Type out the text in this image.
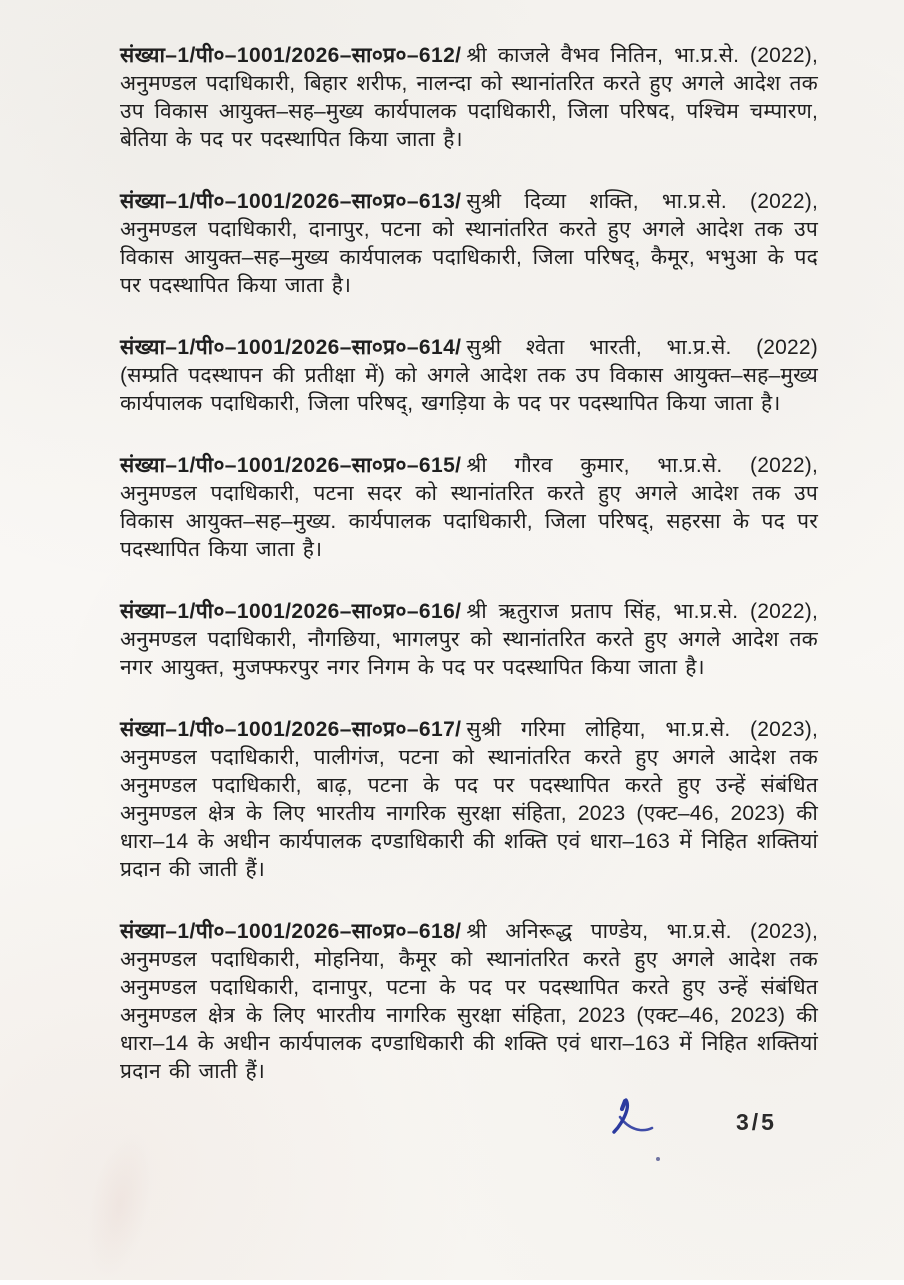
संख्या–1/पी०–1001/2026–सा०प्र०–612/ श्री काजले वैभव नितिन, भा.प्र.से. (2022), अनुमण्डल पदाधिकारी, बिहार शरीफ, नालन्दा को स्थानांतरित करते हुए अगले आदेश तक उप विकास आयुक्त–सह–मुख्य कार्यपालक पदाधिकारी, जिला परिषद, पश्चिम चम्पारण, बेतिया के पद पर पदस्थापित किया जाता है।

संख्या–1/पी०–1001/2026–सा०प्र०–613/ सुश्री दिव्या शक्ति, भा.प्र.से. (2022), अनुमण्डल पदाधिकारी, दानापुर, पटना को स्थानांतरित करते हुए अगले आदेश तक उप विकास आयुक्त–सह–मुख्य कार्यपालक पदाधिकारी, जिला परिषद्, कैमूर, भभुआ के पद पर पदस्थापित किया जाता है।

संख्या–1/पी०–1001/2026–सा०प्र०–614/ सुश्री श्वेता भारती, भा.प्र.से. (2022) (सम्प्रति पदस्थापन की प्रतीक्षा में) को अगले आदेश तक उप विकास आयुक्त–सह–मुख्य कार्यपालक पदाधिकारी, जिला परिषद्, खगड़िया के पद पर पदस्थापित किया जाता है।

संख्या–1/पी०–1001/2026–सा०प्र०–615/ श्री गौरव कुमार, भा.प्र.से. (2022), अनुमण्डल पदाधिकारी, पटना सदर को स्थानांतरित करते हुए अगले आदेश तक उप विकास आयुक्त–सह–मुख्य. कार्यपालक पदाधिकारी, जिला परिषद्, सहरसा के पद पर पदस्थापित किया जाता है।

संख्या–1/पी०–1001/2026–सा०प्र०–616/ श्री ऋतुराज प्रताप सिंह, भा.प्र.से. (2022), अनुमण्डल पदाधिकारी, नौगछिया, भागलपुर को स्थानांतरित करते हुए अगले आदेश तक नगर आयुक्त, मुजफ्फरपुर नगर निगम के पद पर पदस्थापित किया जाता है।

संख्या–1/पी०–1001/2026–सा०प्र०–617/ सुश्री गरिमा लोहिया, भा.प्र.से. (2023), अनुमण्डल पदाधिकारी, पालीगंज, पटना को स्थानांतरित करते हुए अगले आदेश तक अनुमण्डल पदाधिकारी, बाढ़, पटना के पद पर पदस्थापित करते हुए उन्हें संबंधित अनुमण्डल क्षेत्र के लिए भारतीय नागरिक सुरक्षा संहिता, 2023 (एक्ट–46, 2023) की धारा–14 के अधीन कार्यपालक दण्डाधिकारी की शक्ति एवं धारा–163 में निहित शक्तियां प्रदान की जाती हैं।

संख्या–1/पी०–1001/2026–सा०प्र०–618/ श्री अनिरूद्ध पाण्डेय, भा.प्र.से. (2023), अनुमण्डल पदाधिकारी, मोहनिया, कैमूर को स्थानांतरित करते हुए अगले आदेश तक अनुमण्डल पदाधिकारी, दानापुर, पटना के पद पर पदस्थापित करते हुए उन्हें संबंधित अनुमण्डल क्षेत्र के लिए भारतीय नागरिक सुरक्षा संहिता, 2023 (एक्ट–46, 2023) की धारा–14 के अधीन कार्यपालक दण्डाधिकारी की शक्ति एवं धारा–163 में निहित शक्तियां प्रदान की जाती हैं।

3/5
